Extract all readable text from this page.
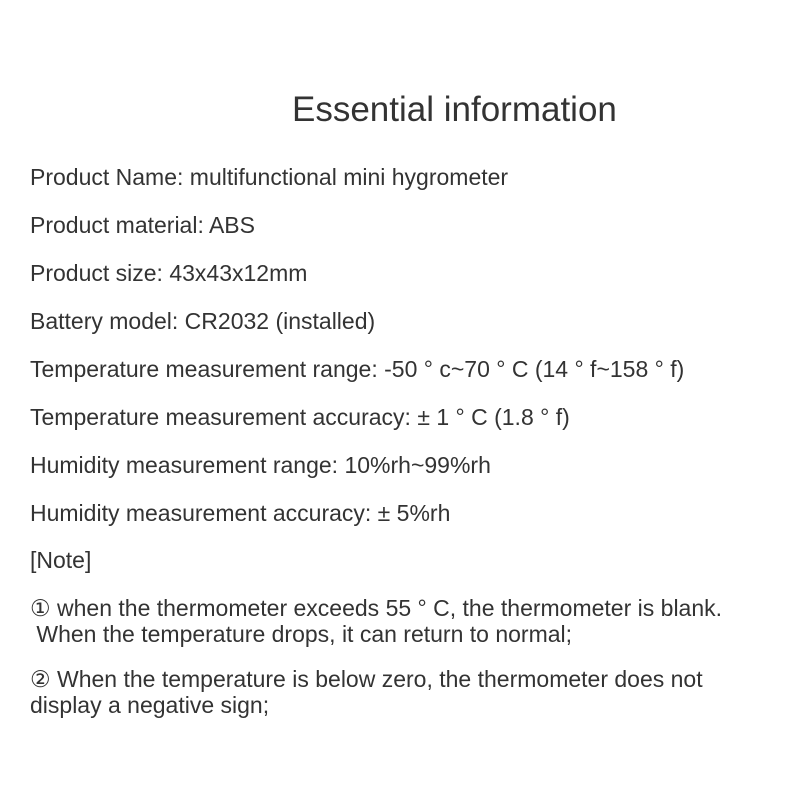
Essential information
Product Name: multifunctional mini hygrometer
Product material: ABS
Product size: 43x43x12mm
Battery model: CR2032 (installed)
Temperature measurement range: -50 ° c~70 ° C (14 ° f~158 ° f)
Temperature measurement accuracy: ± 1 ° C (1.8 ° f)
Humidity measurement range: 10%rh~99%rh
Humidity measurement accuracy: ± 5%rh
[Note]
① when the thermometer exceeds 55 ° C, the thermometer is blank.
When the temperature drops, it can return to normal;
② When the temperature is below zero, the thermometer does not
display a negative sign;
